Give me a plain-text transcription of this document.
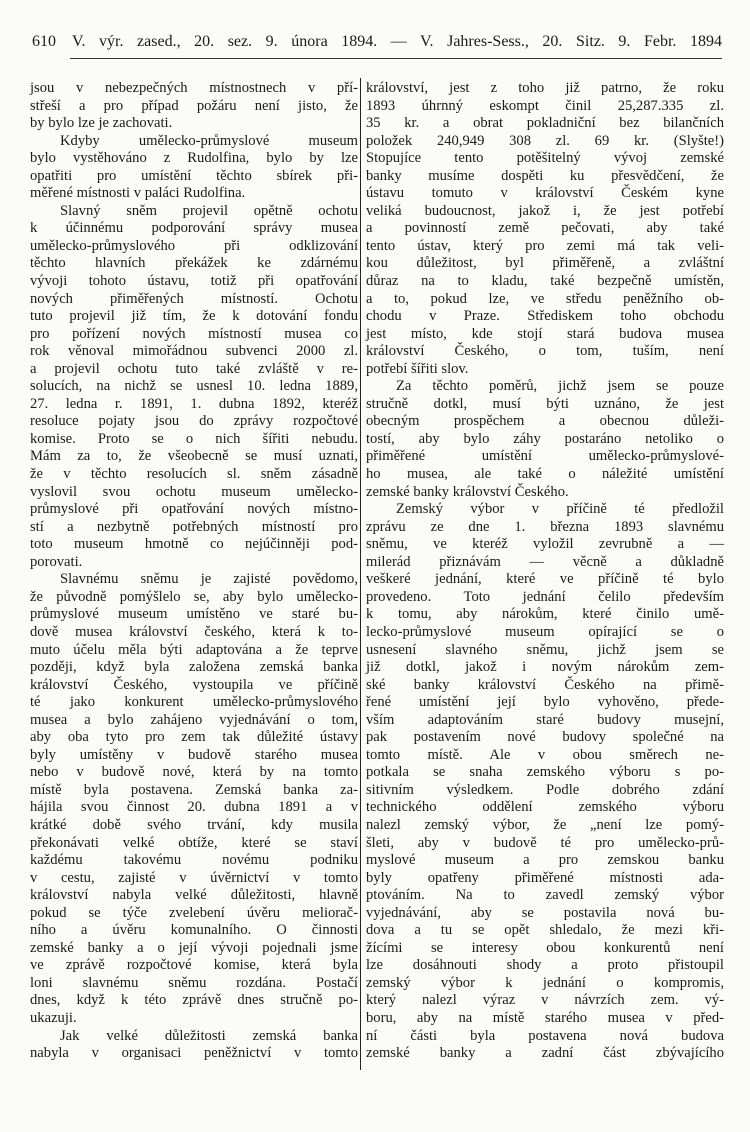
610 V. výr. zased., 20. sez. 9. února 1894. — V. Jahres-Sess., 20. Sitz. 9. Febr. 1894
jsou v nebezpečných místnostnech v pří-
střeší a pro případ požáru není jisto, že
by bylo lze je zachovati.
Kdyby umělecko-průmyslové museum
bylo vystěhováno z Rudolfina, bylo by lze
opatřiti pro umístění těchto sbírek při-
měřené místnosti v paláci Rudolfina.
Slavný sněm projevil opětně ochotu
k účinnému podporování správy musea
umělecko-průmyslového při odklizování
těchto hlavních překážek ke zdárnému
vývoji tohoto ústavu, totiž při opatřování
nových přiměřených místností. Ochotu
tuto projevil již tím, že k dotování fondu
pro pořízení nových místností musea co
rok věnoval mimořádnou subvenci 2000 zl.
a projevil ochotu tuto také zvláště v re-
solucích, na nichž se usnesl 10. ledna 1889,
27. ledna r. 1891, 1. dubna 1892, kteréž
resoluce pojaty jsou do zprávy rozpočtové
komise. Proto se o nich šířiti nebudu.
Mám za to, že všeobecně se musí uznati,
že v těchto resolucích sl. sněm zásadně
vyslovil svou ochotu museum umělecko-
průmyslové při opatřování nových místno-
stí a nezbytně potřebných místností pro
toto museum hmotně co nejúčinněji pod-
porovati.
Slavnému sněmu je zajisté povědomo,
že původně pomýšlelo se, aby bylo umělecko-
průmyslové museum umístěno ve staré bu-
dově musea království českého, která k to-
muto účelu měla býti adaptována a že teprve
později, když byla založena zemská banka
království Českého, vystoupila ve příčině
té jako konkurent umělecko-průmyslového
musea a bylo zahájeno vyjednávání o tom,
aby oba tyto pro zem tak důležité ústavy
byly umístěny v budově starého musea
nebo v budově nové, která by na tomto
místě byla postavena. Zemská banka za-
hájila svou činnost 20. dubna 1891 a v
krátké době svého trvání, kdy musila
překonávati velké obtíže, které se staví
každému takovému novému podniku
v cestu, zajisté v úvěrnictví v tomto
království nabyla velké důležitosti, hlavně
pokud se týče zvelebení úvěru meliorač-
ního a úvěru komunalního. O činnosti
zemské banky a o její vývoji pojednali jsme
ve zprávě rozpočtové komise, která byla
loni slavnému sněmu rozdána. Postačí
dnes, když k této zprávě dnes stručně po-
ukazuji.
Jak velké důležitosti zemská banka
nabyla v organisaci peněžnictví v tomto
království, jest z toho již patrno, že roku
1893 úhrnný eskompt činil 25,287.335 zl.
35 kr. a obrat pokladniční bez bilančních
položek 240,949 308 zl. 69 kr. (Slyšte!)
Stopujíce tento potěšitelný vývoj zemské
banky musíme dospěti ku přesvědčení, že
ústavu tomuto v království Českém kyne
veliká budoucnost, jakož i, že jest potřebí
a povinností země pečovati, aby také
tento ústav, který pro zemi má tak veli-
kou důležitost, byl přiměřeně, a zvláštní
důraz na to kladu, také bezpečně umístěn,
a to, pokud lze, ve středu peněžního ob-
chodu v Praze. Střediskem toho obchodu
jest místo, kde stojí stará budova musea
království Českého, o tom, tuším, není
potřebí šířiti slov.
Za těchto poměrů, jichž jsem se pouze
stručně dotkl, musí býti uznáno, že jest
obecným prospěchem a obecnou důleži-
tostí, aby bylo záhy postaráno netoliko o
přiměřené umístění umělecko-průmyslové-
ho musea, ale také o náležité umístění
zemské banky království Českého.
Zemský výbor v příčině té předložil
zprávu ze dne 1. března 1893 slavnému
sněmu, ve kteréž vyložil zevrubně a —
milerád přiznávám — věcně a důkladně
veškeré jednání, které ve příčině té bylo
provedeno. Toto jednání čelilo především
k tomu, aby nárokům, které činilo umě-
lecko-průmyslové museum opírající se o
usnesení slavného sněmu, jichž jsem se
již dotkl, jakož i novým nárokům zem-
ské banky království Českého na přimě-
řené umístění její bylo vyhověno, přede-
vším adaptováním staré budovy musejní,
pak postavením nové budovy společné na
tomto místě. Ale v obou směrech ne-
potkala se snaha zemského výboru s po-
sitivním výsledkem. Podle dobrého zdání
technického oddělení zemského výboru
nalezl zemský výbor, že „není lze pomý-
šleti, aby v budově té pro umělecko-prů-
myslové museum a pro zemskou banku
byly opatřeny přiměřené místnosti ada-
ptováním. Na to zavedl zemský výbor
vyjednávání, aby se postavila nová bu-
dova a tu se opět shledalo, že mezi kři-
žícími se interesy obou konkurentů není
lze dosáhnouti shody a proto přistoupil
zemský výbor k jednání o kompromis,
který nalezl výraz v návrzích zem. vý-
boru, aby na místě starého musea v před-
ní části byla postavena nová budova
zemské banky a zadní část zbývajícího
